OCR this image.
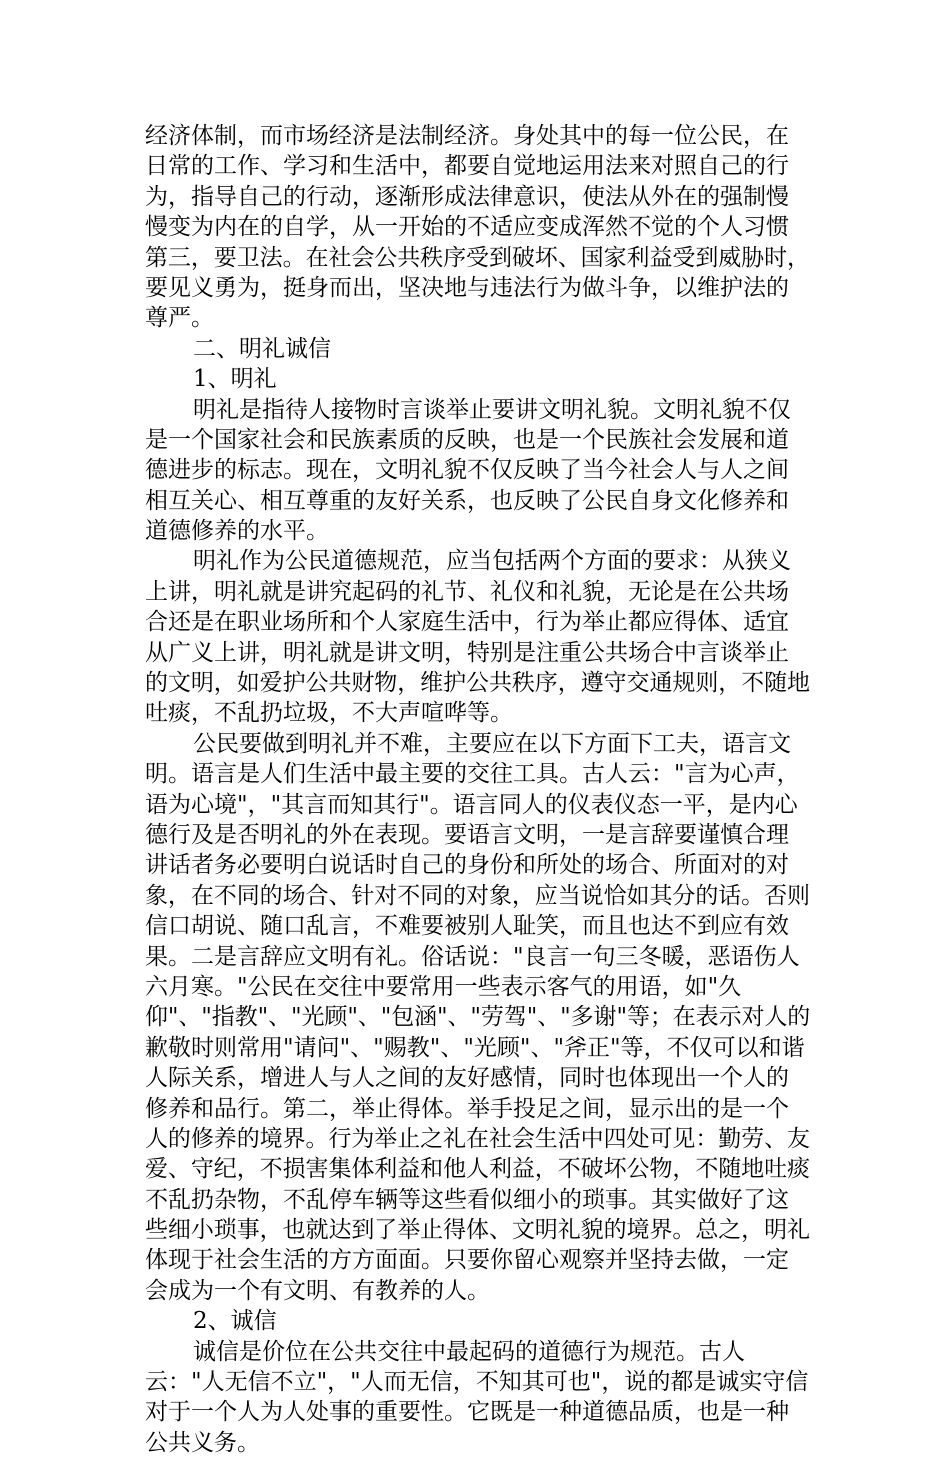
经济体制，而市场经济是法制经济。身处其中的每一位公民，在
日常的工作、学习和生活中，都要自觉地运用法来对照自己的行
为，指导自己的行动，逐渐形成法律意识，使法从外在的强制慢
慢变为内在的自学，从一开始的不适应变成浑然不觉的个人习惯
第三，要卫法。在社会公共秩序受到破坏、国家利益受到威胁时，
要见义勇为，挺身而出，坚决地与违法行为做斗争，以维护法的
尊严。
二、明礼诚信
1、明礼
明礼是指待人接物时言谈举止要讲文明礼貌。文明礼貌不仅
是一个国家社会和民族素质的反映，也是一个民族社会发展和道
德进步的标志。现在，文明礼貌不仅反映了当今社会人与人之间
相互关心、相互尊重的友好关系，也反映了公民自身文化修养和
道德修养的水平。
明礼作为公民道德规范，应当包括两个方面的要求：从狭义
上讲，明礼就是讲究起码的礼节、礼仪和礼貌，无论是在公共场
合还是在职业场所和个人家庭生活中，行为举止都应得体、适宜
从广义上讲，明礼就是讲文明，特别是注重公共场合中言谈举止
的文明，如爱护公共财物，维护公共秩序，遵守交通规则，不随地
吐痰，不乱扔垃圾，不大声喧哗等。
公民要做到明礼并不难，主要应在以下方面下工夫，语言文
明。语言是人们生活中最主要的交往工具。古人云："言为心声，
语为心境"，"其言而知其行"。语言同人的仪表仪态一平，是内心
德行及是否明礼的外在表现。要语言文明，一是言辞要谨慎合理
讲话者务必要明白说话时自己的身份和所处的场合、所面对的对
象，在不同的场合、针对不同的对象，应当说恰如其分的话。否则
信口胡说、随口乱言，不难要被别人耻笑，而且也达不到应有效
果。二是言辞应文明有礼。俗话说："良言一句三冬暖，恶语伤人
六月寒。"公民在交往中要常用一些表示客气的用语，如"久
仰"、"指教"、"光顾"、"包涵"、"劳驾"、"多谢"等；在表示对人的
歉敬时则常用"请问"、"赐教"、"光顾"、"斧正"等，不仅可以和谐
人际关系，增进人与人之间的友好感情，同时也体现出一个人的
修养和品行。第二，举止得体。举手投足之间，显示出的是一个
人的修养的境界。行为举止之礼在社会生活中四处可见：勤劳、友
爱、守纪，不损害集体利益和他人利益，不破坏公物，不随地吐痰
不乱扔杂物，不乱停车辆等这些看似细小的琐事。其实做好了这
些细小琐事，也就达到了举止得体、文明礼貌的境界。总之，明礼
体现于社会生活的方方面面。只要你留心观察并坚持去做，一定
会成为一个有文明、有教养的人。
2、诚信
诚信是价位在公共交往中最起码的道德行为规范。古人
云："人无信不立"，"人而无信，不知其可也"，说的都是诚实守信
对于一个人为人处事的重要性。它既是一种道德品质，也是一种
公共义务。
